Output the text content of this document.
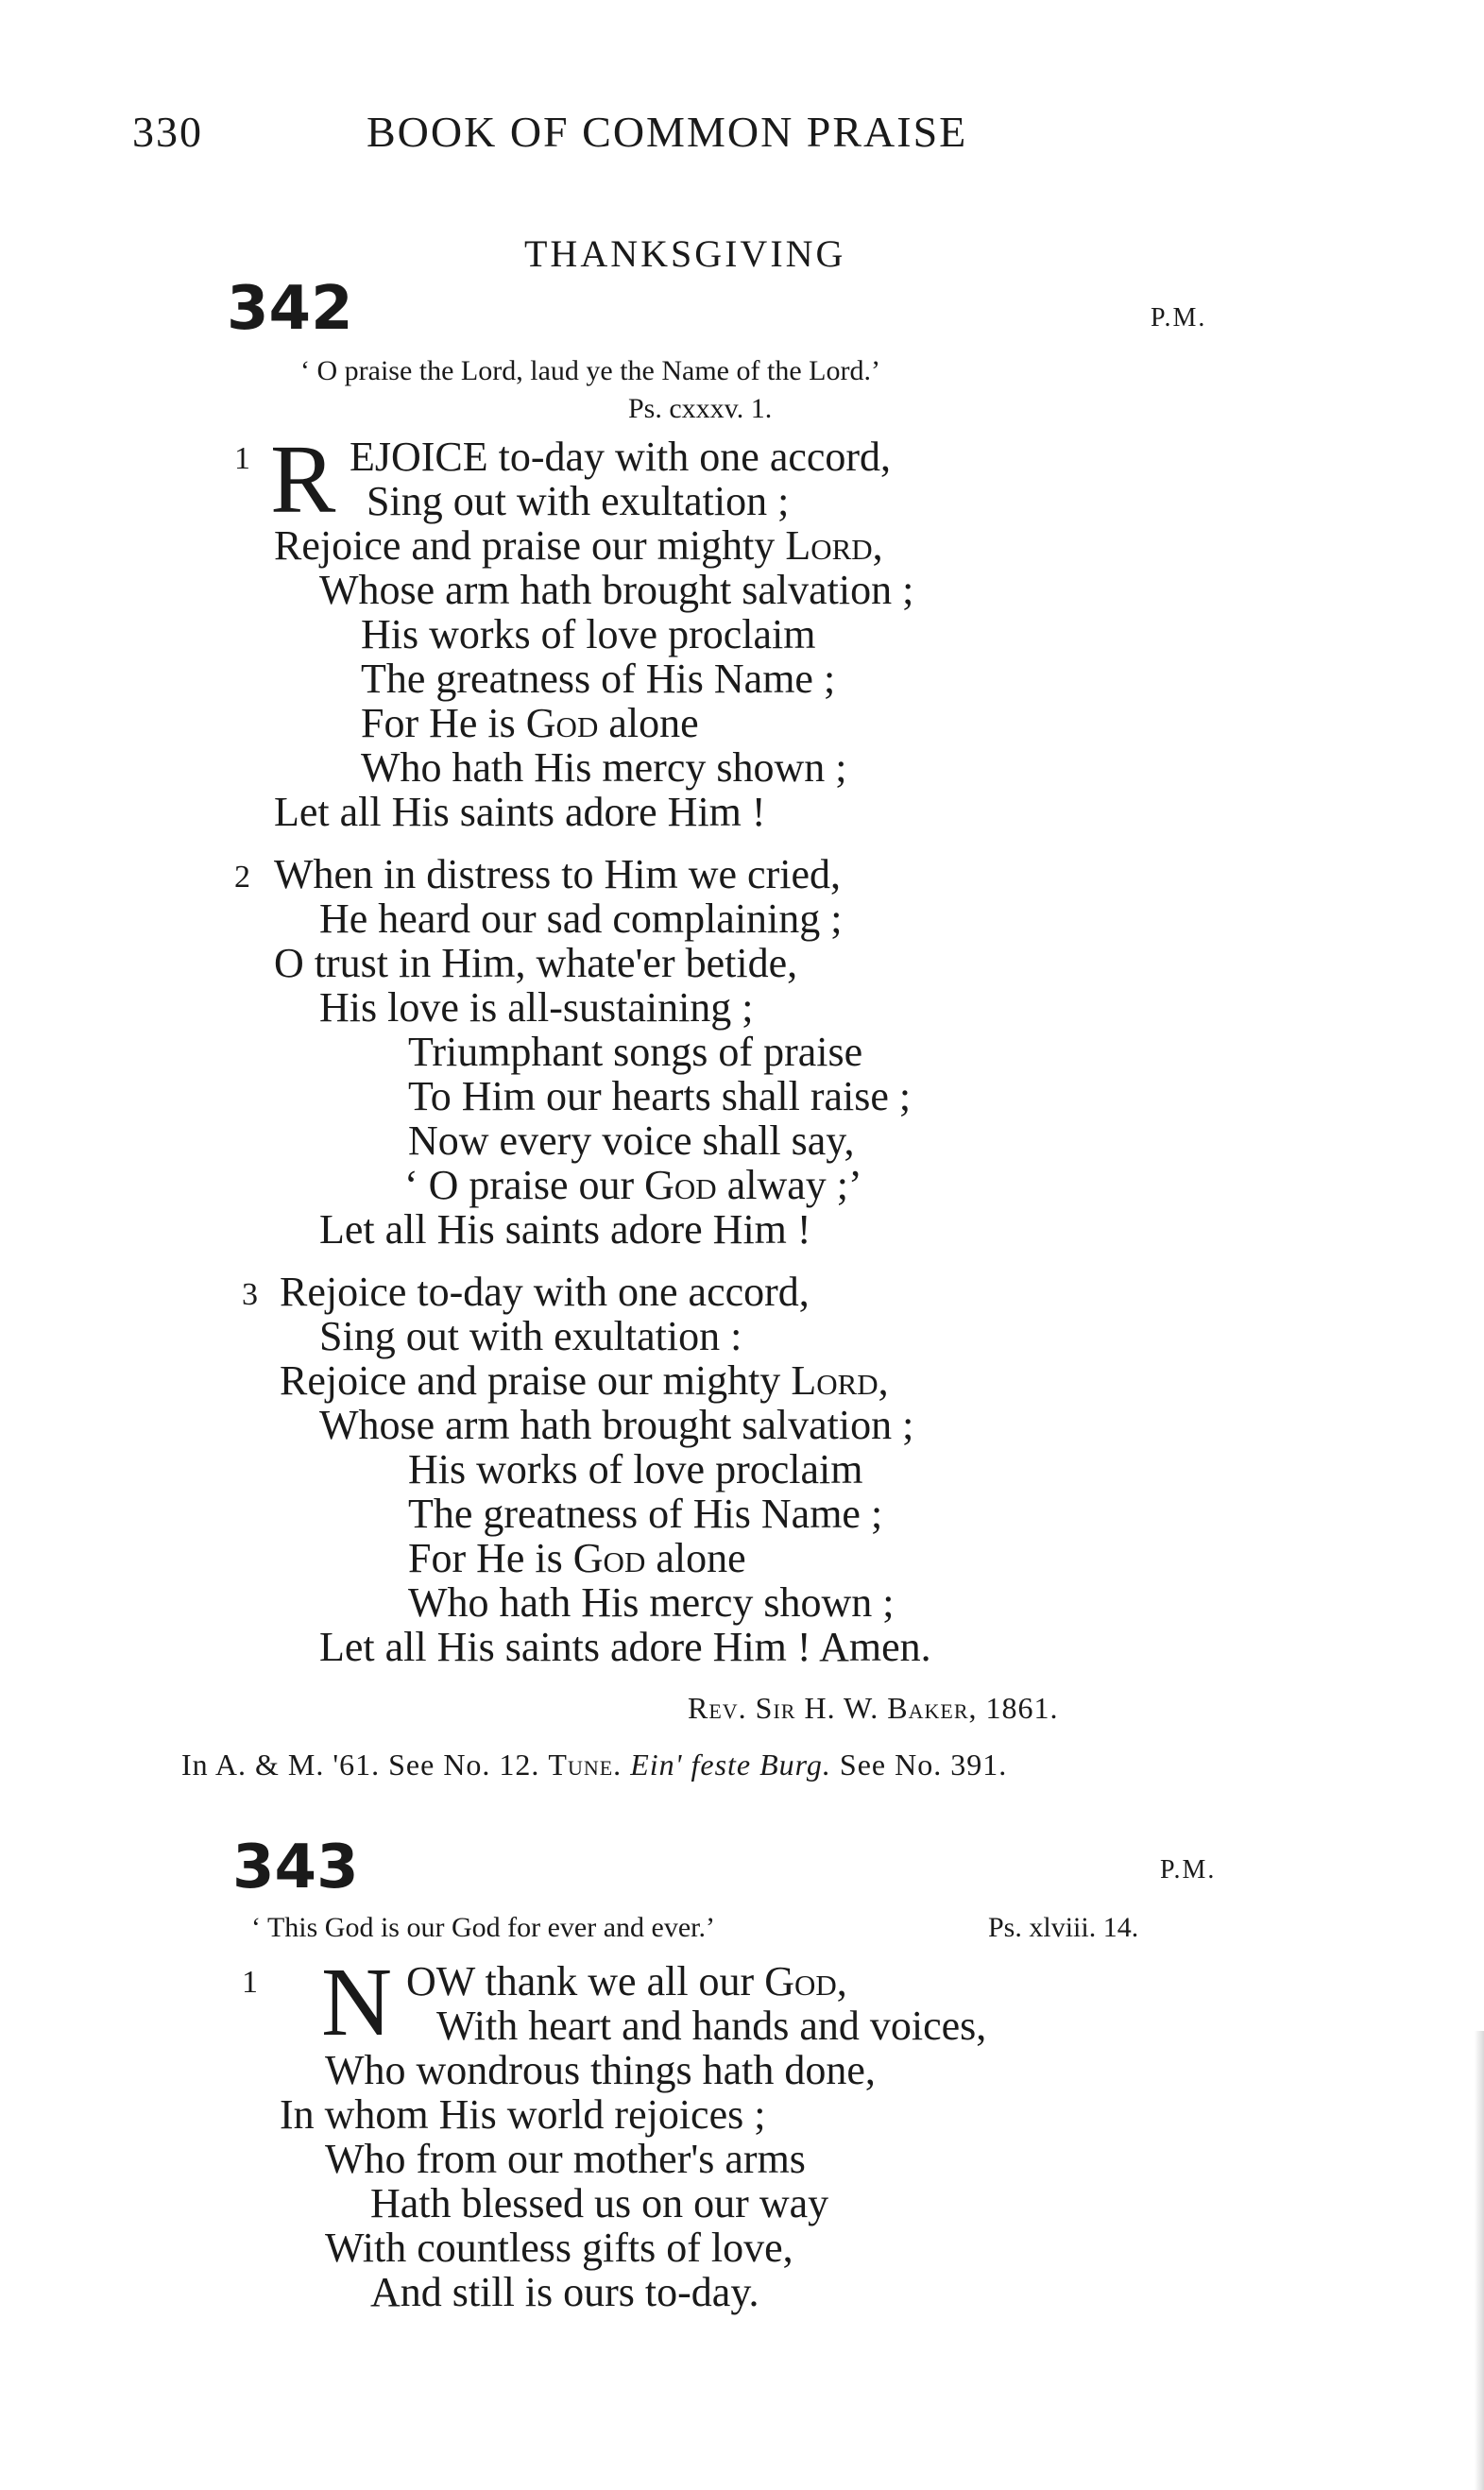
330	BOOK OF COMMON PRAISE
THANKSGIVING
342	P.M.
‘ O praise the Lord, laud ye the Name of the Lord.’
Ps. cxxxv. 1.
1 R EJOICE to-day with one accord,
Sing out with exultation ;
Rejoice and praise our mighty Lord,
Whose arm hath brought salvation ;
His works of love proclaim
The greatness of His Name ;
For He is God alone
Who hath His mercy shown ;
Let all His saints adore Him !
2 When in distress to Him we cried,
He heard our sad complaining ;
O trust in Him, whate'er betide,
His love is all-sustaining ;
Triumphant songs of praise
To Him our hearts shall raise ;
Now every voice shall say,
‘ O praise our God alway ;’
Let all His saints adore Him !
3 Rejoice to-day with one accord,
Sing out with exultation :
Rejoice and praise our mighty Lord,
Whose arm hath brought salvation ;
His works of love proclaim
The greatness of His Name ;
For He is God alone
Who hath His mercy shown ;
Let all His saints adore Him ! Amen.
Rev. Sir H. W. Baker, 1861.
In A. & M. '61. See No. 12. Tune. Ein' feste Burg. See No. 391.
343	P.M.
‘ This God is our God for ever and ever.’	Ps. xlviii. 14.
1 N OW thank we all our God,
With heart and hands and voices,
Who wondrous things hath done,
In whom His world rejoices ;
Who from our mother's arms
Hath blessed us on our way
With countless gifts of love,
And still is ours to-day.
